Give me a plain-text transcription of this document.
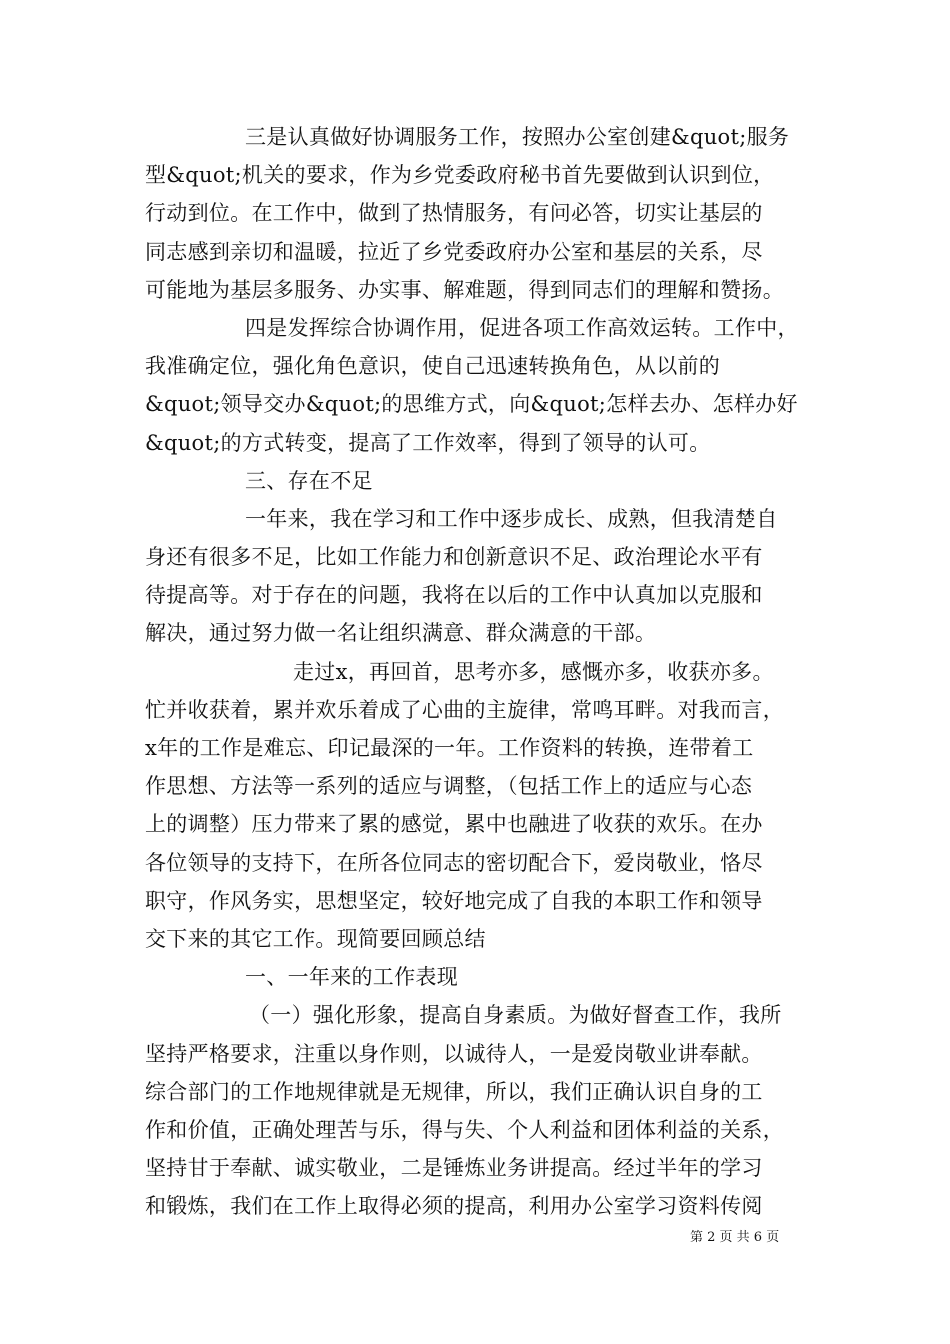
三是认真做好协调服务工作，按照办公室创建&quot;服务
型&quot;机关的要求，作为乡党委政府秘书首先要做到认识到位，
行动到位。在工作中，做到了热情服务，有问必答，切实让基层的
同志感到亲切和温暖，拉近了乡党委政府办公室和基层的关系，尽
可能地为基层多服务、办实事、解难题，得到同志们的理解和赞扬。
四是发挥综合协调作用，促进各项工作高效运转。工作中，
我准确定位，强化角色意识，使自己迅速转换角色，从以前的
&quot;领导交办&quot;的思维方式，向&quot;怎样去办、怎样办好
&quot;的方式转变，提高了工作效率，得到了领导的认可。
三、存在不足
一年来，我在学习和工作中逐步成长、成熟，但我清楚自
身还有很多不足，比如工作能力和创新意识不足、政治理论水平有
待提高等。对于存在的问题，我将在以后的工作中认真加以克服和
解决，通过努力做一名让组织满意、群众满意的干部。
走过x，再回首，思考亦多，感慨亦多，收获亦多。
忙并收获着，累并欢乐着成了心曲的主旋律，常鸣耳畔。对我而言，
x年的工作是难忘、印记最深的一年。工作资料的转换，连带着工
作思想、方法等一系列的适应与调整，（包括工作上的适应与心态
上的调整）压力带来了累的感觉，累中也融进了收获的欢乐。在办
各位领导的支持下，在所各位同志的密切配合下，爱岗敬业，恪尽
职守，作风务实，思想坚定，较好地完成了自我的本职工作和领导
交下来的其它工作。现简要回顾总结
一、一年来的工作表现
（一）强化形象，提高自身素质。为做好督查工作，我所
坚持严格要求，注重以身作则，以诚待人，一是爱岗敬业讲奉献。
综合部门的工作地规律就是无规律，所以，我们正确认识自身的工
作和价值，正确处理苦与乐，得与失、个人利益和团体利益的关系，
坚持甘于奉献、诚实敬业，二是锤炼业务讲提高。经过半年的学习
和锻炼，我们在工作上取得必须的提高，利用办公室学习资料传阅
第 2 页 共 6 页
